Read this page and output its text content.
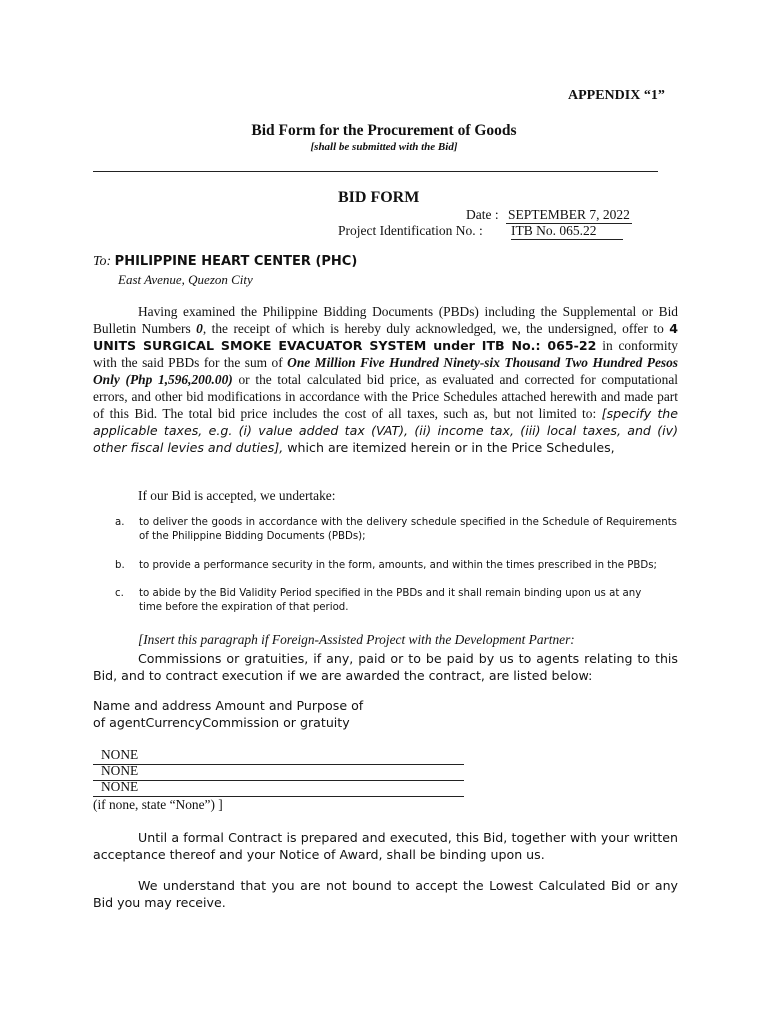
APPENDIX “1”
Bid Form for the Procurement of Goods
[shall be submitted with the Bid]
BID FORM
Date : SEPTEMBER 7, 2022
Project Identification No. : ITB No. 065.22
To: PHILIPPINE HEART CENTER (PHC)
East Avenue, Quezon City
Having examined the Philippine Bidding Documents (PBDs) including the Supplemental or Bid Bulletin Numbers 0, the receipt of which is hereby duly acknowledged, we, the undersigned, offer to 4 UNITS SURGICAL SMOKE EVACUATOR SYSTEM under ITB No.: 065-22 in conformity with the said PBDs for the sum of One Million Five Hundred Ninety-six Thousand Two Hundred Pesos Only (Php 1,596,200.00) or the total calculated bid price, as evaluated and corrected for computational errors, and other bid modifications in accordance with the Price Schedules attached herewith and made part of this Bid. The total bid price includes the cost of all taxes, such as, but not limited to: [specify the applicable taxes, e.g. (i) value added tax (VAT), (ii) income tax, (iii) local taxes, and (iv) other fiscal levies and duties], which are itemized herein or in the Price Schedules,
If our Bid is accepted, we undertake:
a. to deliver the goods in accordance with the delivery schedule specified in the Schedule of Requirements of the Philippine Bidding Documents (PBDs);
b. to provide a performance security in the form, amounts, and within the times prescribed in the PBDs;
c. to abide by the Bid Validity Period specified in the PBDs and it shall remain binding upon us at any time before the expiration of that period.
[Insert this paragraph if Foreign-Assisted Project with the Development Partner:
Commissions or gratuities, if any, paid or to be paid by us to agents relating to this Bid, and to contract execution if we are awarded the contract, are listed below:
Name and address Amount and Purpose of
of agentCurrencyCommission or gratuity
NONE
NONE
NONE
(if none, state “None”) ]
Until a formal Contract is prepared and executed, this Bid, together with your written acceptance thereof and your Notice of Award, shall be binding upon us.
We understand that you are not bound to accept the Lowest Calculated Bid or any Bid you may receive.
